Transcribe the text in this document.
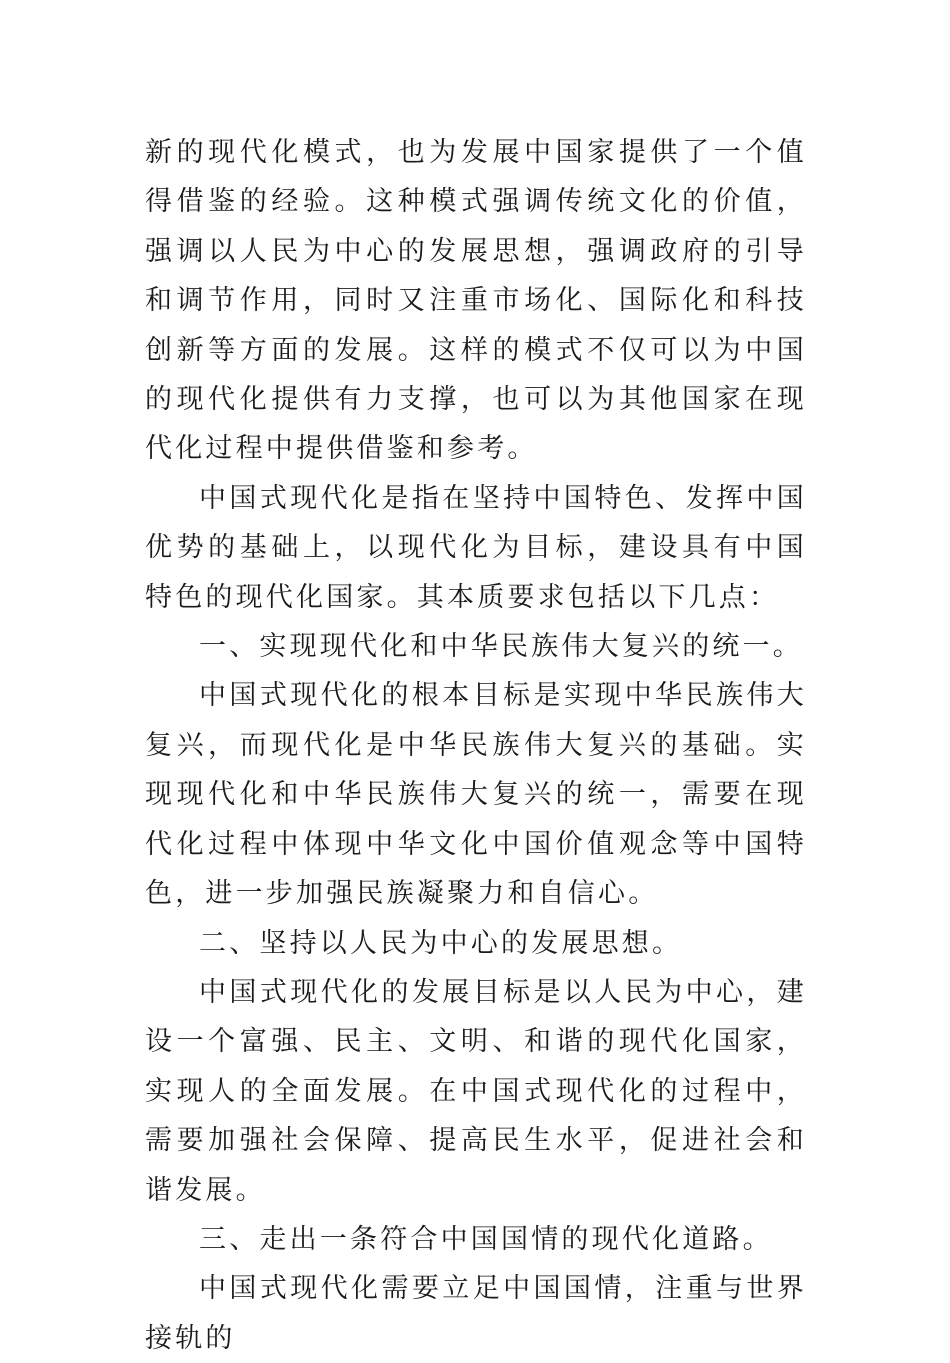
新的现代化模式，也为发展中国家提供了一个值得借鉴的经验。这种模式强调传统文化的价值，强调以人民为中心的发展思想，强调政府的引导和调节作用，同时又注重市场化、国际化和科技创新等方面的发展。这样的模式不仅可以为中国的现代化提供有力支撑，也可以为其他国家在现代化过程中提供借鉴和参考。

中国式现代化是指在坚持中国特色、发挥中国优势的基础上，以现代化为目标，建设具有中国特色的现代化国家。其本质要求包括以下几点：

一、实现现代化和中华民族伟大复兴的统一。

中国式现代化的根本目标是实现中华民族伟大复兴，而现代化是中华民族伟大复兴的基础。实现现代化和中华民族伟大复兴的统一，需要在现代化过程中体现中华文化中国价值观念等中国特色，进一步加强民族凝聚力和自信心。

二、坚持以人民为中心的发展思想。

中国式现代化的发展目标是以人民为中心，建设一个富强、民主、文明、和谐的现代化国家，实现人的全面发展。在中国式现代化的过程中，需要加强社会保障、提高民生水平，促进社会和谐发展。

三、走出一条符合中国国情的现代化道路。

中国式现代化需要立足中国国情，注重与世界接轨的
